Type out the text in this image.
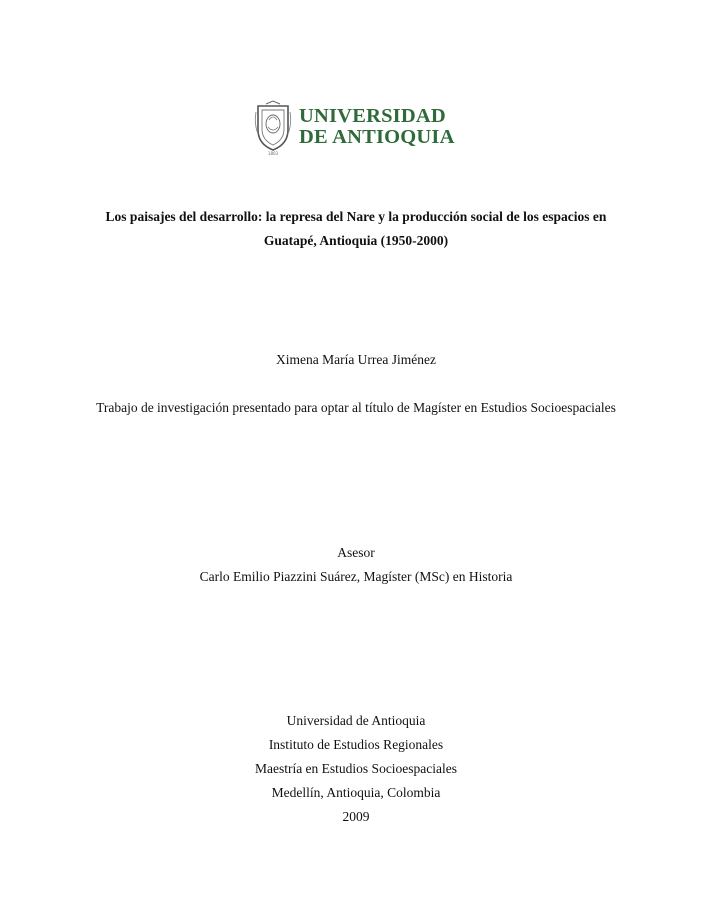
1803
UNIVERSIDAD
DE ANTIOQUIA
Los paisajes del desarrollo: la represa del Nare y la producción social de los espacios en
Guatapé, Antioquia (1950-2000)
Ximena María Urrea Jiménez
Trabajo de investigación presentado para optar al título de Magíster en Estudios Socioespaciales
Asesor
Carlo Emilio Piazzini Suárez, Magíster (MSc) en Historia
Universidad de Antioquia
Instituto de Estudios Regionales
Maestría en Estudios Socioespaciales
Medellín, Antioquia, Colombia
2009
